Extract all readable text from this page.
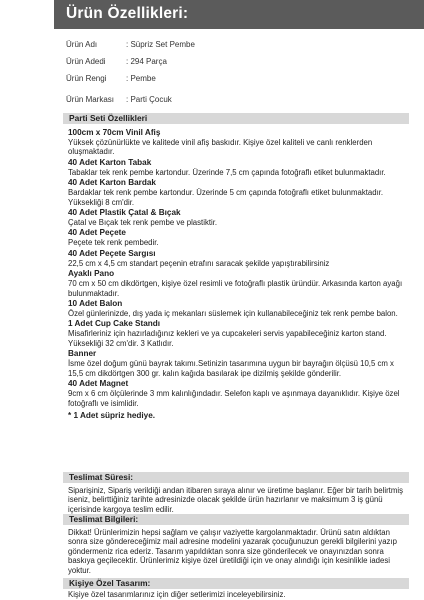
Ürün Özellikleri:
Ürün Adı	: Süpriz Set Pembe
Ürün Adedi	: 294 Parça
Ürün Rengi : Pembe
Ürün Markası : Parti Çocuk
Parti Seti Özellikleri
100cm x 70cm Vinil Afiş
Yüksek çözünürlükte ve kalitede vinil afiş baskıdır. Kişiye özel kaliteli ve canlı renklerden oluşmaktadır.
40 Adet Karton Tabak
Tabaklar tek renk pembe kartondur. Üzerinde 7,5 cm çapında fotoğraflı etiket bulunmaktadır.
40 Adet Karton Bardak
Bardaklar tek renk pembe kartondur. Üzerinde 5 cm çapında fotoğraflı etiket bulunmaktadır. Yüksekliği 8 cm'dir.
40 Adet Plastik Çatal & Bıçak
Çatal ve Bıçak tek renk pembe ve plastiktir.
40 Adet Peçete
Peçete tek renk pembedir.
40 Adet Peçete Sargısı
22,5 cm x 4,5 cm standart peçenin etrafını saracak şekilde yapıştırabilirsiniz
Ayaklı Pano
70 cm x 50 cm dikdörtgen, kişiye özel resimli ve fotoğraflı plastik üründür. Arkasında karton ayağı bulunmaktadır.
10 Adet Balon
Özel günlerinizde, dış yada iç mekanları süslemek için kullanabileceğiniz tek renk pembe balon.
1 Adet Cup Cake Standı
Misafirleriniz için hazırladığınız kekleri ve ya cupcakeleri servis yapabileceğiniz karton stand. Yüksekliği 32 cm'dir. 3 Katlıdır.
Banner
İsme özel doğum günü bayrak takımı.Setinizin tasarımına uygun bir bayrağın ölçüsü 10,5 cm x 15,5 cm dikdörtgen 300 gr. kalın kağıda basılarak ipe dizilmiş şekilde gönderilir.
40 Adet Magnet
9cm x 6 cm ölçülerinde 3 mm kalınlığındadır. Selefon kaplı ve aşınmaya dayanıklıdır. Kişiye özel fotoğraflı ve isimlidir.
* 1 Adet süpriz hediye.
Teslimat Süresi:
Siparişiniz, Sipariş verildiği andan itibaren sıraya alınır ve üretime başlanır. Eğer bir tarih belirtmiş iseniz, belirttiğiniz tarihte adresinizde olacak şekilde ürün hazırlanır ve maksimum 3 iş günü içerisinde kargoya teslim edilir.
Teslimat Bilgileri:
Dikkat! Ürünlerimizin hepsi sağlam ve çalışır vaziyette kargolanmaktadır. Ürünü satın aldıktan sonra size göndereceğimiz mail adresine modelini yazarak çocuğunuzun gerekli bilgilerini yazıp göndermeniz rica ederiz. Tasarım yapıldıktan sonra size gönderilecek ve onayınızdan sonra baskıya geçilecektir. Ürünlerimiz kişiye özel üretildiği için ve onay alındığı için kesinlikle iadesi yoktur.
Kişiye Özel Tasarım:
Kişiye özel tasarımlarınız için diğer setlerimizi inceleyebilirsiniz.
